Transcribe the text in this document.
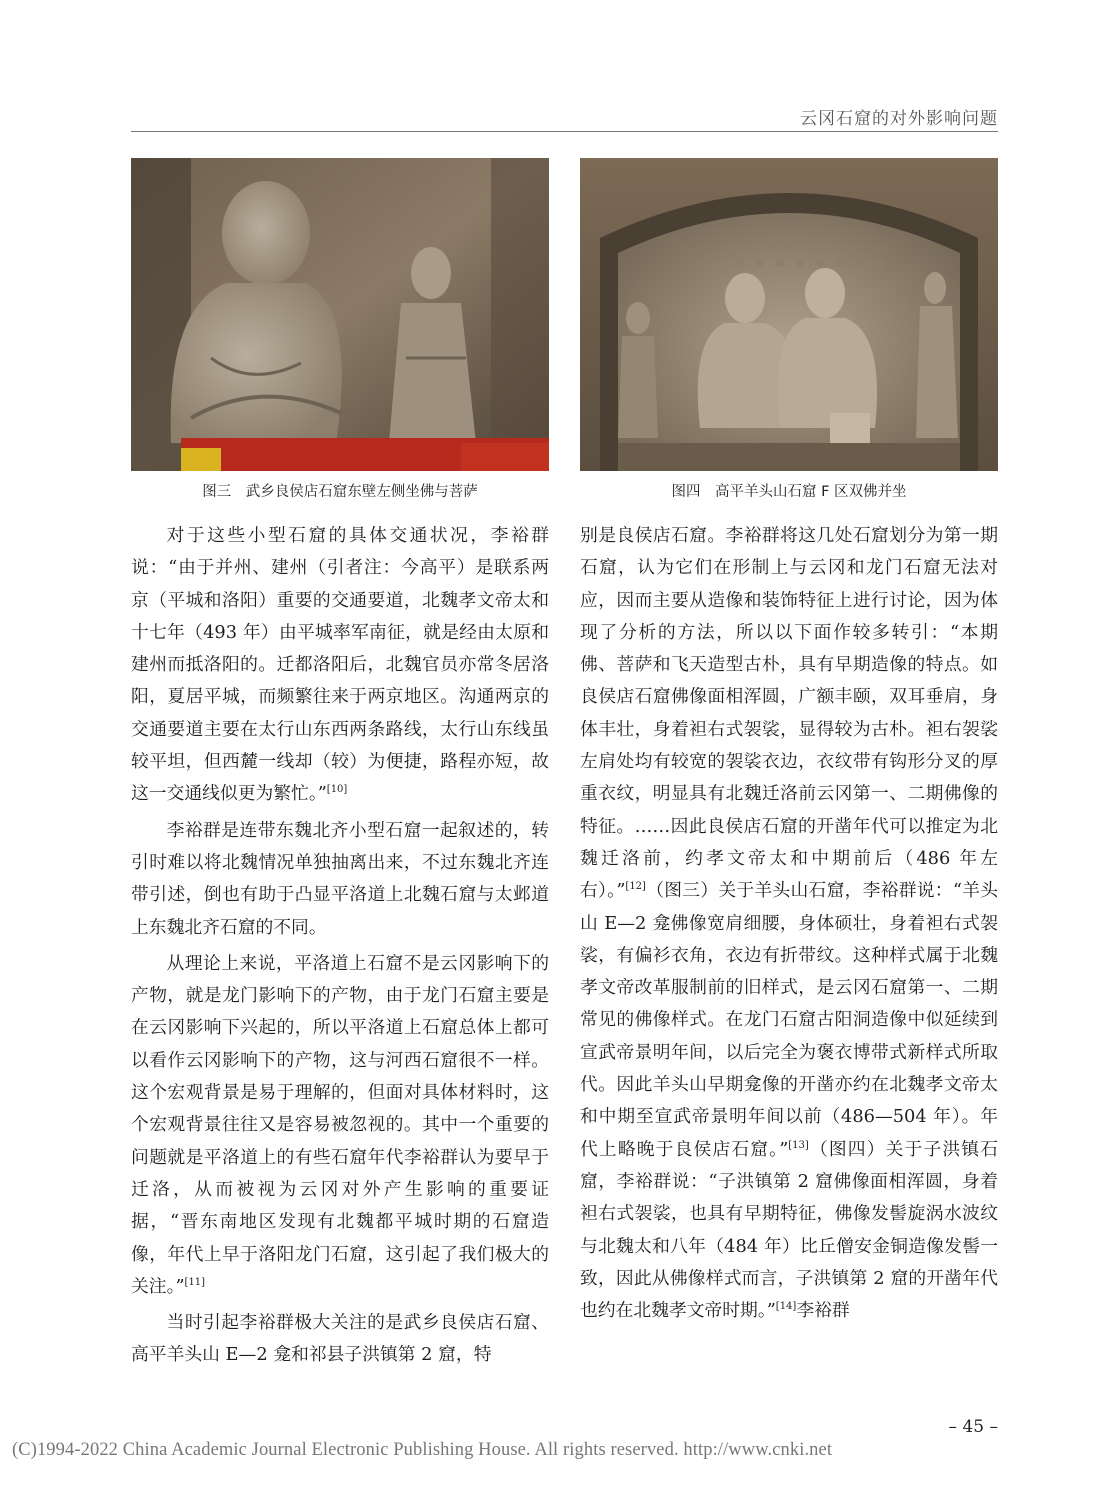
云冈石窟的对外影响问题
图三　武乡良侯店石窟东壁左侧坐佛与菩萨	图四　高平羊头山石窟 F 区双佛并坐

对于这些小型石窟的具体交通状况，李裕群说：“由于并州、建州（引者注：今高平）是联系两京（平城和洛阳）重要的交通要道，北魏孝文帝太和十七年（493 年）由平城率军南征，就是经由太原和建州而抵洛阳的。迁都洛阳后，北魏官员亦常冬居洛阳，夏居平城，而频繁往来于两京地区。沟通两京的交通要道主要在太行山东西两条路线，太行山东线虽较平坦，但西麓一线却（较）为便捷，路程亦短，故这一交通线似更为繁忙。”[10]

李裕群是连带东魏北齐小型石窟一起叙述的，转引时难以将北魏情况单独抽离出来，不过东魏北齐连带引述，倒也有助于凸显平洛道上北魏石窟与太邺道上东魏北齐石窟的不同。

从理论上来说，平洛道上石窟不是云冈影响下的产物，就是龙门影响下的产物，由于龙门石窟主要是在云冈影响下兴起的，所以平洛道上石窟总体上都可以看作云冈影响下的产物，这与河西石窟很不一样。这个宏观背景是易于理解的，但面对具体材料时，这个宏观背景往往又是容易被忽视的。其中一个重要的问题就是平洛道上的有些石窟年代李裕群认为要早于迁洛，从而被视为云冈对外产生影响的重要证据，“晋东南地区发现有北魏都平城时期的石窟造像，年代上早于洛阳龙门石窟，这引起了我们极大的关注。”[11]

当时引起李裕群极大关注的是武乡良侯店石窟、高平羊头山 E—2 龛和祁县子洪镇第 2 窟，特

别是良侯店石窟。李裕群将这几处石窟划分为第一期石窟，认为它们在形制上与云冈和龙门石窟无法对应，因而主要从造像和装饰特征上进行讨论，因为体现了分析的方法，所以以下面作较多转引：“本期佛、菩萨和飞天造型古朴，具有早期造像的特点。如良侯店石窟佛像面相浑圆，广额丰颐，双耳垂肩，身体丰壮，身着袒右式袈裟，显得较为古朴。袒右袈裟左肩处均有较宽的袈裟衣边，衣纹带有钩形分叉的厚重衣纹，明显具有北魏迁洛前云冈第一、二期佛像的特征。……因此良侯店石窟的开凿年代可以推定为北魏迁洛前，约孝文帝太和中期前后（486 年左右）。”[12]（图三）关于羊头山石窟，李裕群说：“羊头山 E—2 龛佛像宽肩细腰，身体硕壮，身着袒右式袈裟，有偏衫衣角，衣边有折带纹。这种样式属于北魏孝文帝改革服制前的旧样式，是云冈石窟第一、二期常见的佛像样式。在龙门石窟古阳洞造像中似延续到宣武帝景明年间，以后完全为褒衣博带式新样式所取代。因此羊头山早期龛像的开凿亦约在北魏孝文帝太和中期至宣武帝景明年间以前（486—504 年）。年代上略晚于良侯店石窟。”[13]（图四）关于子洪镇石窟，李裕群说：“子洪镇第 2 窟佛像面相浑圆，身着袒右式袈裟，也具有早期特征，佛像发髻旋涡水波纹与北魏太和八年（484 年）比丘僧安金铜造像发髻一致，因此从佛像样式而言，子洪镇第 2 窟的开凿年代也约在北魏孝文帝时期。”[14]李裕群

– 45 –
(C)1994-2022 China Academic Journal Electronic Publishing House. All rights reserved. http://www.cnki.net
